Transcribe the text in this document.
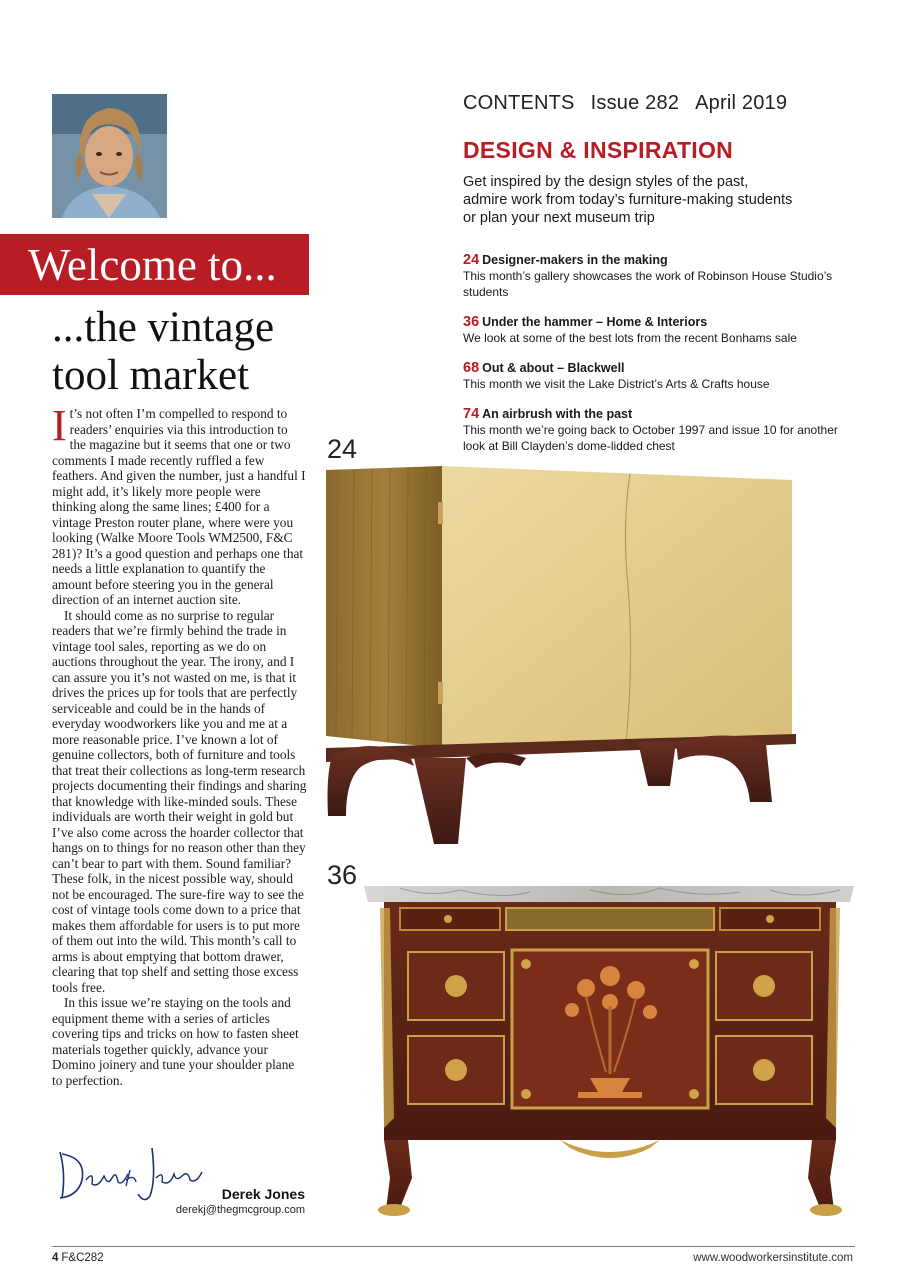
Welcome to...
...the vintage tool market

It’s not often I’m compelled to respond to readers’ enquiries via this introduction to the magazine but it seems that one or two comments I made recently ruffled a few feathers. And given the number, just a handful I might add, it’s likely more people were thinking along the same lines; £400 for a vintage Preston router plane, where were you looking (Walke Moore Tools WM2500, F&C 281)? It’s a good question and perhaps one that needs a little explanation to quantify the amount before steering you in the general direction of an internet auction site.

It should come as no surprise to regular readers that we’re firmly behind the trade in vintage tool sales, reporting as we do on auctions throughout the year. The irony, and I can assure you it’s not wasted on me, is that it drives the prices up for tools that are perfectly serviceable and could be in the hands of everyday woodworkers like you and me at a more reasonable price. I’ve known a lot of genuine collectors, both of furniture and tools that treat their collections as long-term research projects documenting their findings and sharing that knowledge with like-minded souls. These individuals are worth their weight in gold but I’ve also come across the hoarder collector that hangs on to things for no reason other than they can’t bear to part with them. Sound familiar? These folk, in the nicest possible way, should not be encouraged. The sure-fire way to see the cost of vintage tools come down to a price that makes them affordable for users is to put more of them out into the wild. This month’s call to arms is about emptying that bottom drawer, clearing that top shelf and setting those excess tools free.

In this issue we’re staying on the tools and equipment theme with a series of articles covering tips and tricks on how to fasten sheet materials together quickly, advance your Domino joinery and tune your shoulder plane to perfection.

Derek Jones
derekj@thegmcgroup.com
CONTENTS Issue 282 April 2019
DESIGN & INSPIRATION
Get inspired by the design styles of the past, admire work from today’s furniture-making students or plan your next museum trip
24 Designer-makers in the making
This month’s gallery showcases the work of Robinson House Studio’s students
36 Under the hammer – Home & Interiors
We look at some of the best lots from the recent Bonhams sale
68 Out & about – Blackwell
This month we visit the Lake District’s Arts & Crafts house
74 An airbrush with the past
This month we’re going back to October 1997 and issue 10 for another look at Bill Clayden’s dome-lidded chest
24
36
4 F&C282	www.woodworkersinstitute.com
